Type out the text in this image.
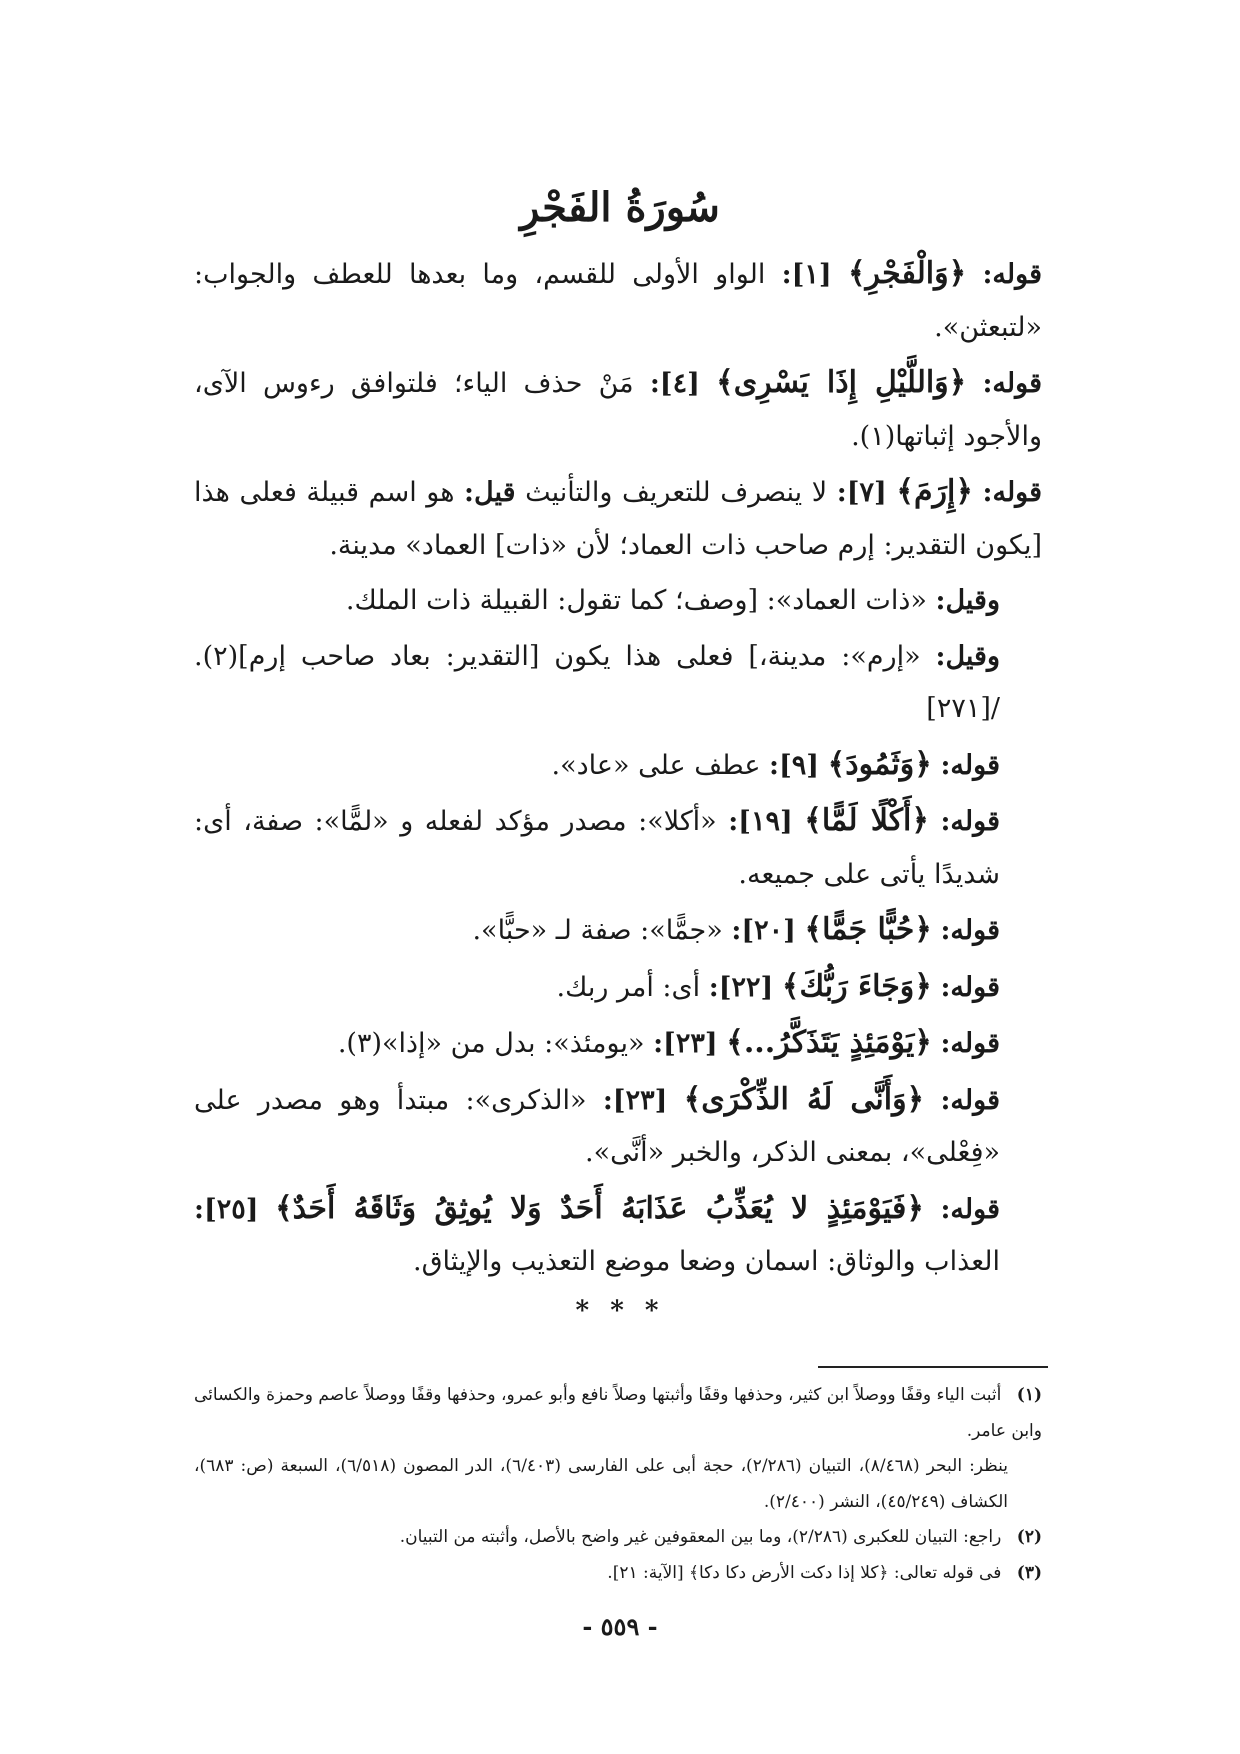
سُورَةُ الفَجْرِ

قوله: ﴿وَالْفَجْرِ﴾ [١]: الواو الأولى للقسم، وما بعدها للعطف والجواب: «لتبعثن».

قوله: ﴿وَاللَّيْلِ إِذَا يَسْرِى﴾ [٤]: مَنْ حذف الياء؛ فلتوافق رءوس الآى، والأجود إثباتها(١).

قوله: ﴿إِرَمَ﴾ [٧]: لا ينصرف للتعريف والتأنيث قيل: هو اسم قبيلة فعلى هذا [يكون التقدير: إرم صاحب ذات العماد؛ لأن «ذات] العماد» مدينة.

وقيل: «ذات العماد»: [وصف؛ كما تقول: القبيلة ذات الملك.

وقيل: «إرم»: مدينة،] فعلى هذا يكون [التقدير: بعاد صاحب إرم](٢). /[٢٧١]

قوله: ﴿وَثَمُودَ﴾ [٩]: عطف على «عاد».

قوله: ﴿أَكْلًا لَمًّا﴾ [١٩]: «أكلا»: مصدر مؤكد لفعله و «لمًّا»: صفة، أى: شديدًا يأتى على جميعه.

قوله: ﴿حُبًّا جَمًّا﴾ [٢٠]: «جمًّا»: صفة لـ «حبًّا».

قوله: ﴿وَجَاءَ رَبُّكَ﴾ [٢٢]: أى: أمر ربك.

قوله: ﴿يَوْمَئِذٍ يَتَذَكَّرُ...﴾ [٢٣]: «يومئذ»: بدل من «إذا»(٣).

قوله: ﴿وَأَنَّى لَهُ الذِّكْرَى﴾ [٢٣]: «الذكرى»: مبتدأ وهو مصدر على «فِعْلى»، بمعنى الذكر، والخبر «أنَّى».

قوله: ﴿فَيَوْمَئِذٍ لا يُعَذِّبُ عَذَابَهُ أَحَدٌ وَلا يُوثِقُ وَثَاقَهُ أَحَدٌ﴾ [٢٥]: العذاب والوثاق: اسمان وضعا موضع التعذيب والإيثاق.

* * *

(١) أثبت الياء وقفًا ووصلاً ابن كثير، وحذفها وقفًا وأثبتها وصلاً نافع وأبو عمرو، وحذفها وقفًا ووصلاً عاصم وحمزة والكسائى وابن عامر.

ينظر: البحر (٨/٤٦٨)، التبيان (٢/٢٨٦)، حجة أبى على الفارسى (٦/٤٠٣)، الدر المصون (٦/٥١٨)، السبعة (ص: ٦٨٣)، الكشاف (٤٥/٢٤٩)، النشر (٢/٤٠٠).

(٢) راجع: التبيان للعكبرى (٢/٢٨٦)، وما بين المعقوفين غير واضح بالأصل، وأثبته من التبيان.

(٣) فى قوله تعالى: ﴿كلا إذا دكت الأرض دكا دكا﴾ [الآية: ٢١].

- ٥٥٩ -
